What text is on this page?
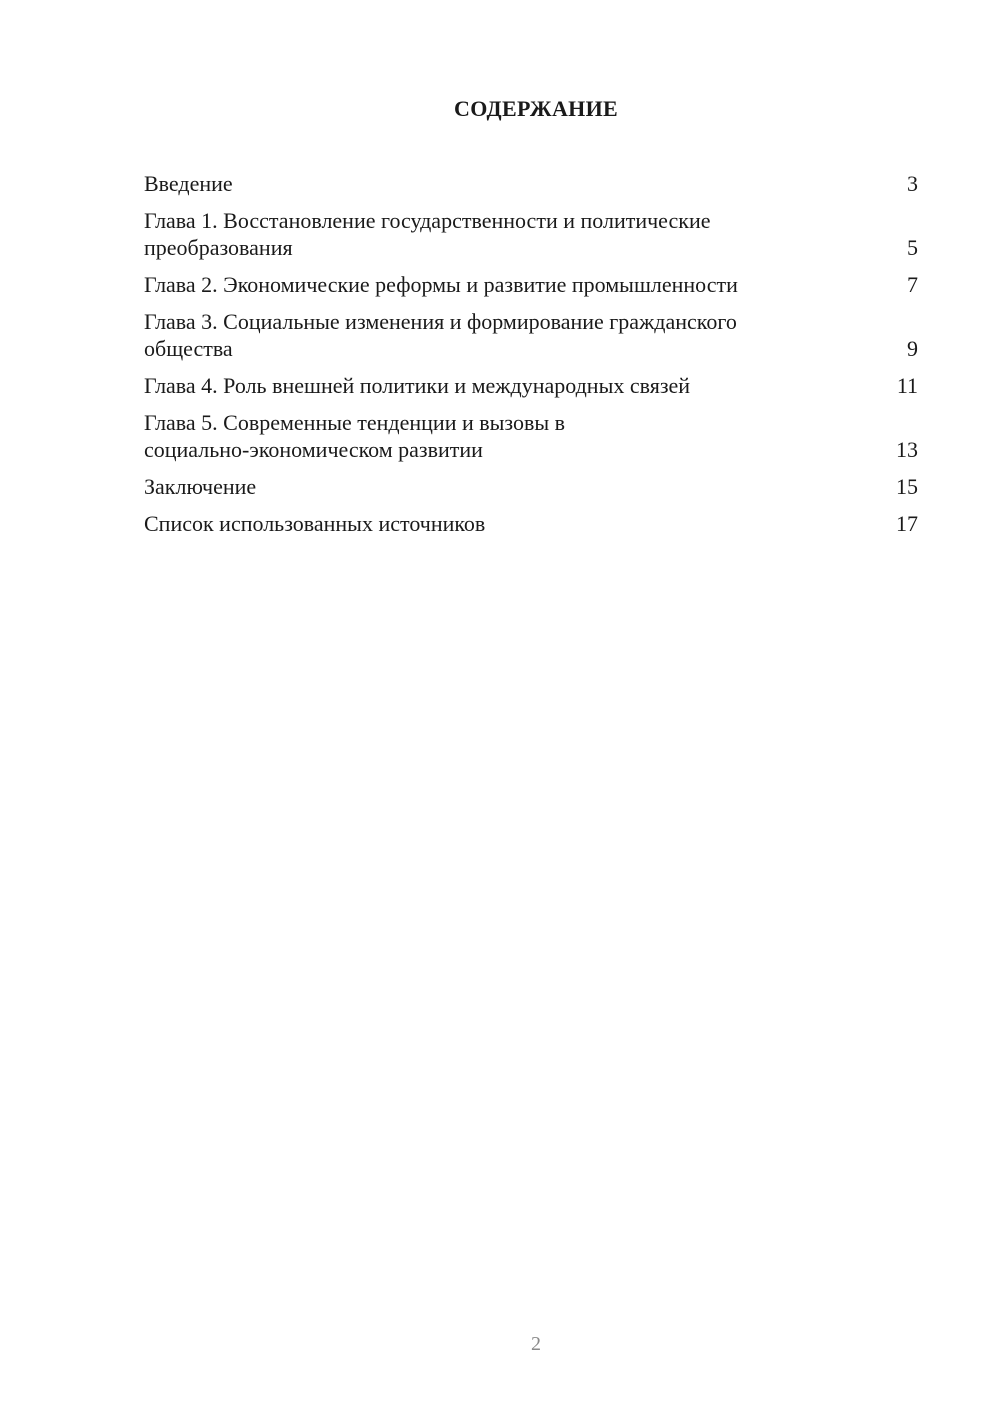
СОДЕРЖАНИЕ
Введение	3
Глава 1. Восстановление государственности и политические
преобразования	5
Глава 2. Экономические реформы и развитие промышленности	7
Глава 3. Социальные изменения и формирование гражданского
общества	9
Глава 4. Роль внешней политики и международных связей	11
Глава 5. Современные тенденции и вызовы в
социально-экономическом развитии	13
Заключение	15
Список использованных источников	17
2
